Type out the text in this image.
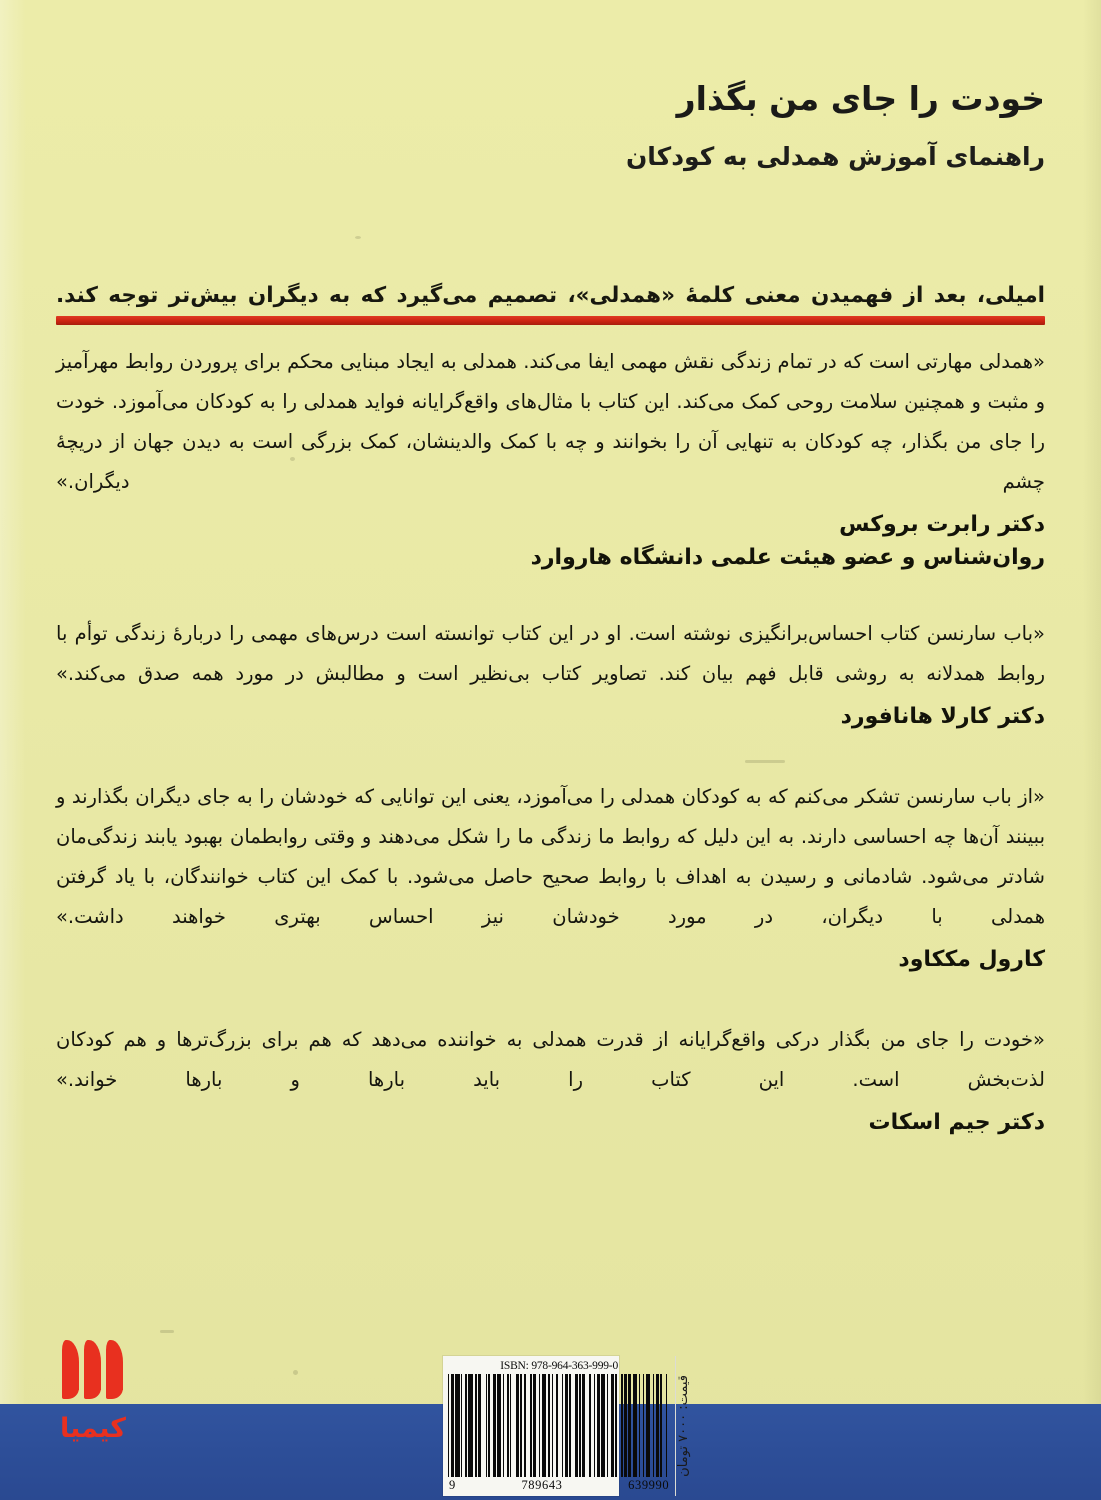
خودت را جای من بگذار
راهنمای آموزش همدلی به کودکان

امیلی، بعد از فهمیدن معنی کلمۀ «همدلی»، تصمیم می‌گیرد که به دیگران بیش‌تر توجه کند.

«همدلی مهارتی است که در تمام زندگی نقش مهمی ایفا می‌کند. همدلی به ایجاد مبنایی محکم برای پروردن روابط مهرآمیز و مثبت و همچنین سلامت روحی کمک می‌کند. این کتاب با مثال‌های واقع‌گرایانه فواید همدلی را به کودکان می‌آموزد. خودت را جای من بگذار، چه کودکان به تنهایی آن را بخوانند و چه با کمک والدینشان، کمک بزرگی است به دیدن جهان از دریچۀ چشم دیگران.»

دکتر رابرت بروکس
روان‌شناس و عضو هیئت علمی دانشگاه هاروارد

«باب سارنسن کتاب احساس‌برانگیزی نوشته است. او در این کتاب توانسته است درس‌های مهمی را دربارۀ زندگی توأم با روابط همدلانه به روشی قابل فهم بیان کند. تصاویر کتاب بی‌نظیر است و مطالبش در مورد همه صدق می‌کند.»

دکتر کارلا هانافورد

«از باب سارنسن تشکر می‌کنم که به کودکان همدلی را می‌آموزد، یعنی این توانایی که خودشان را به جای دیگران بگذارند و ببینند آن‌ها چه احساسی دارند. به این دلیل که روابط ما زندگی ما را شکل می‌دهند و وقتی روابطمان بهبود یابند زندگی‌مان شادتر می‌شود. شادمانی و رسیدن به اهداف با روابط صحیح حاصل می‌شود. با کمک این کتاب خوانندگان، با یاد گرفتن همدلی با دیگران، در مورد خودشان نیز احساس بهتری خواهند داشت.»

کارول مککاود

«خودت را جای من بگذار درکی واقع‌گرایانه از قدرت همدلی به خواننده می‌دهد که هم برای بزرگ‌ترها و هم کودکان لذت‌بخش است. این کتاب را باید بارها و بارها خواند.»

دکتر جیم اسکات
کیمیا
ISBN: 978-964-363-999-0
9	789643	639990
قیمت: ۷۰۰۰ تومان
